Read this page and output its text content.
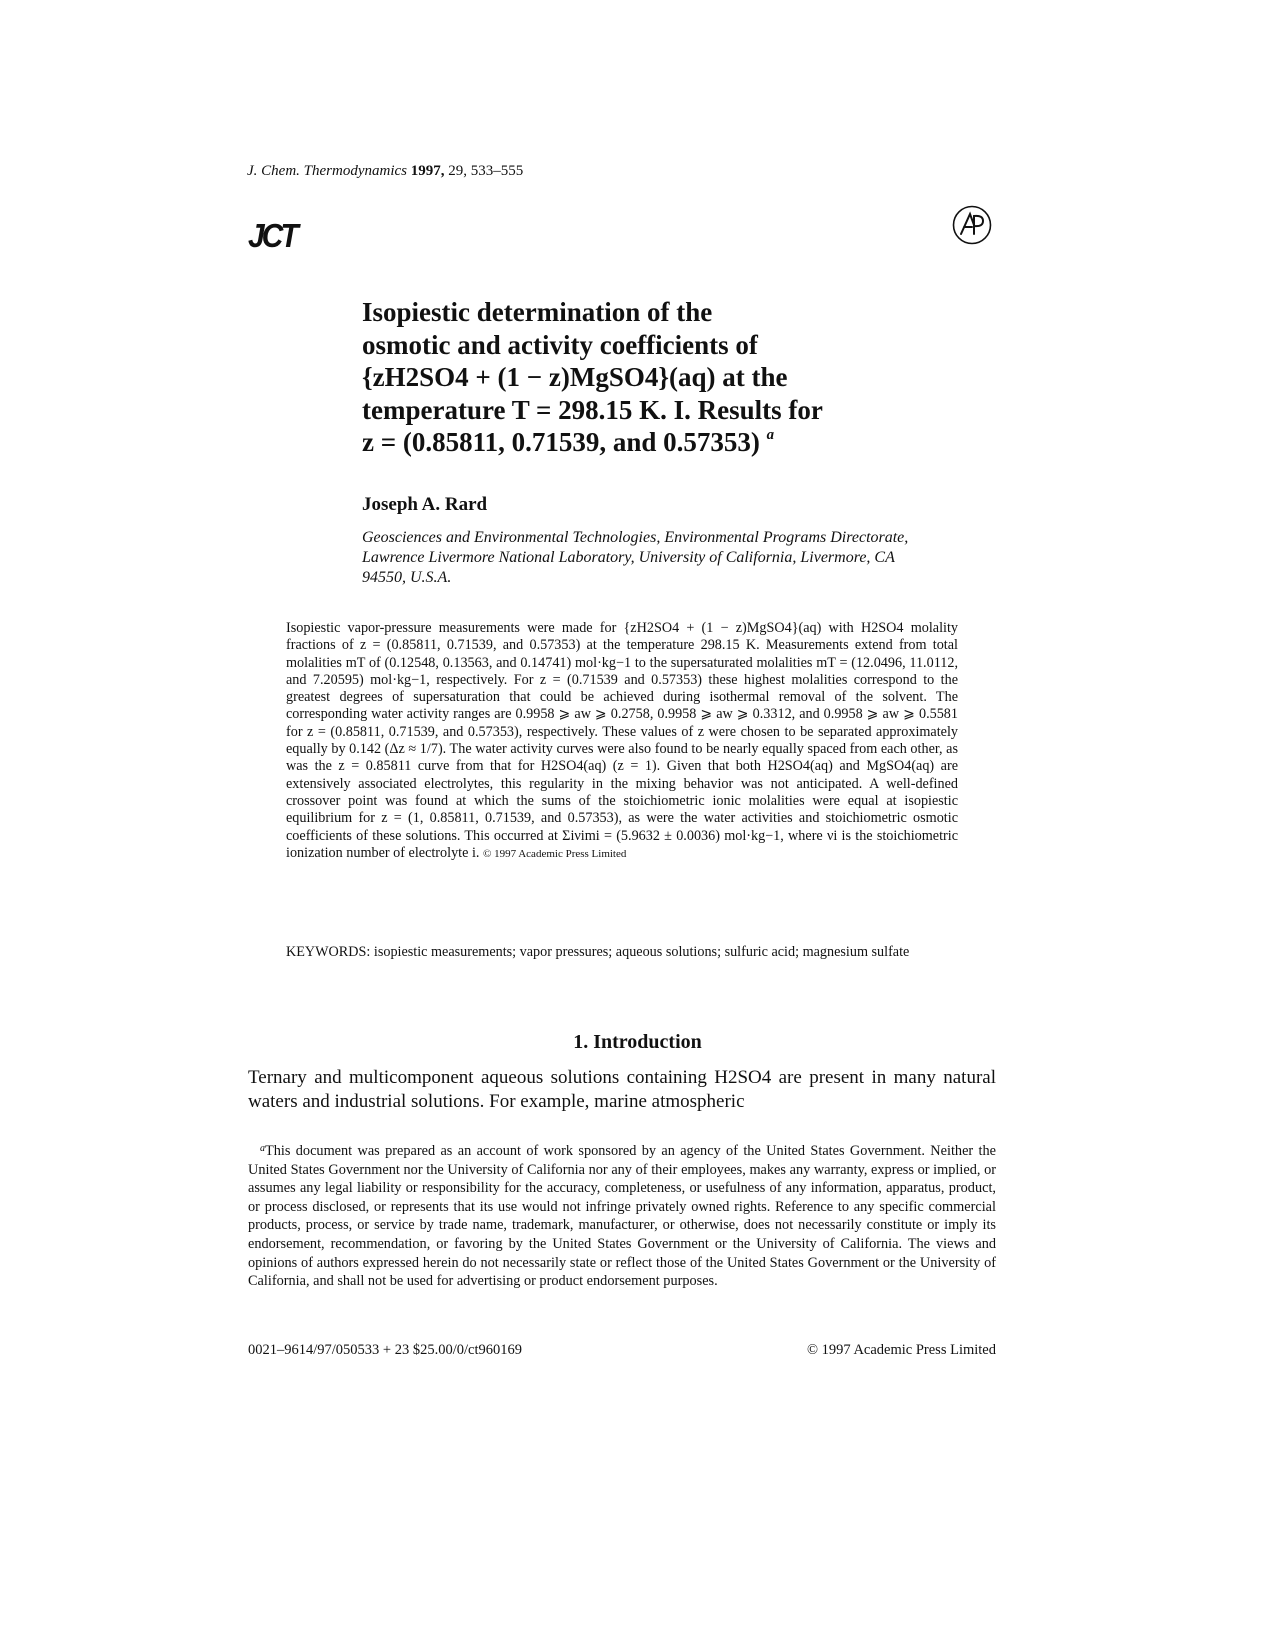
J. Chem. Thermodynamics 1997, 29, 533–555
JCT
Isopiestic determination of the
osmotic and activity coefficients of
{zH2SO4 + (1 − z)MgSO4}(aq) at the
temperature T = 298.15 K. I. Results for
z = (0.85811, 0.71539, and 0.57353) $^a$
Joseph A. Rard
Geosciences and Environmental Technologies, Environmental Programs Directorate, Lawrence Livermore National Laboratory, University of California, Livermore, CA 94550, U.S.A.
Isopiestic vapor-pressure measurements were made for {zH2SO4 + (1 − z)MgSO4}(aq) with H2SO4 molality fractions of z = (0.85811, 0.71539, and 0.57353) at the temperature 298.15 K. Measurements extend from total molalities mT of (0.12548, 0.13563, and 0.14741) mol·kg−1 to the supersaturated molalities mT = (12.0496, 11.0112, and 7.20595) mol·kg−1, respectively. For z = (0.71539 and 0.57353) these highest molalities correspond to the greatest degrees of supersaturation that could be achieved during isothermal removal of the solvent. The corresponding water activity ranges are 0.9958 ⩾ aw ⩾ 0.2758, 0.9958 ⩾ aw ⩾ 0.3312, and 0.9958 ⩾ aw ⩾ 0.5581 for z = (0.85811, 0.71539, and 0.57353), respectively. These values of z were chosen to be separated approximately equally by 0.142 (Δz ≈ 1/7). The water activity curves were also found to be nearly equally spaced from each other, as was the z = 0.85811 curve from that for H2SO4(aq) (z = 1). Given that both H2SO4(aq) and MgSO4(aq) are extensively associated electrolytes, this regularity in the mixing behavior was not anticipated. A well-defined crossover point was found at which the sums of the stoichiometric ionic molalities were equal at isopiestic equilibrium for z = (1, 0.85811, 0.71539, and 0.57353), as were the water activities and stoichiometric osmotic coefficients of these solutions. This occurred at Σiνimi = (5.9632 ± 0.0036) mol·kg−1, where νi is the stoichiometric ionization number of electrolyte i. © 1997 Academic Press Limited
KEYWORDS: isopiestic measurements; vapor pressures; aqueous solutions; sulfuric acid; magnesium sulfate
1. Introduction
Ternary and multicomponent aqueous solutions containing H2SO4 are present in many natural waters and industrial solutions. For example, marine atmospheric
$^a$This document was prepared as an account of work sponsored by an agency of the United States Government. Neither the United States Government nor the University of California nor any of their employees, makes any warranty, express or implied, or assumes any legal liability or responsibility for the accuracy, completeness, or usefulness of any information, apparatus, product, or process disclosed, or represents that its use would not infringe privately owned rights. Reference to any specific commercial products, process, or service by trade name, trademark, manufacturer, or otherwise, does not necessarily constitute or imply its endorsement, recommendation, or favoring by the United States Government or the University of California. The views and opinions of authors expressed herein do not necessarily state or reflect those of the United States Government or the University of California, and shall not be used for advertising or product endorsement purposes.
0021–9614/97/050533 + 23 $25.00/0/ct960169	© 1997 Academic Press Limited
